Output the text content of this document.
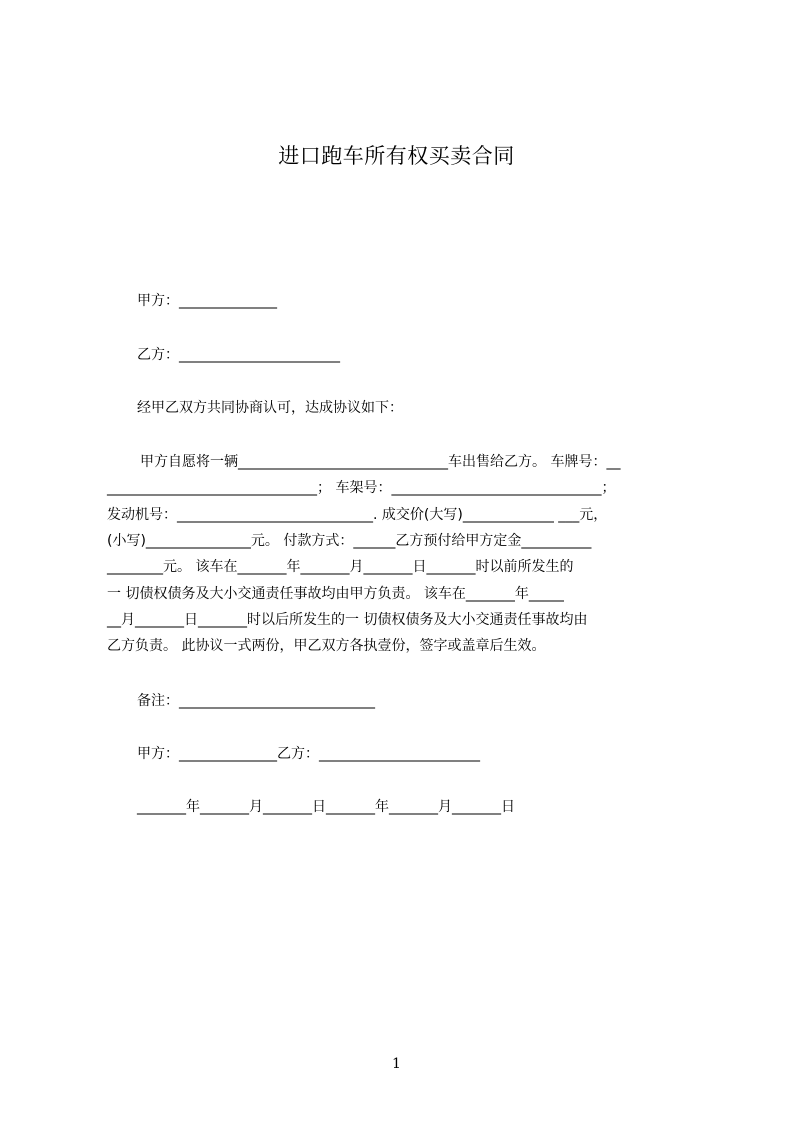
进口跑车所有权买卖合同
甲方：______________
乙方：_______________________
经甲乙双方共同协商认可，达成协议如下：
甲方自愿将一辆______________________________车出售给乙方。 车牌号：__
______________________________； 车架号：______________________________；
发动机号：____________________________. 成交价(大写)_____________ ___元，
(小写)_______________元。 付款方式：______乙方预付给甲方定金__________
________元。 该车在_______年_______月_______日_______时以前所发生的
一 切债权债务及大小交通责任事故均由甲方负责。 该车在_______年_____
__月_______日_______时以后所发生的一 切债权债务及大小交通责任事故均由
乙方负责。 此协议一式两份，甲乙双方各执壹份，签字或盖章后生效。
备注：____________________________
甲方：______________乙方：_______________________
_______年_______月_______日_______年_______月_______日
1
